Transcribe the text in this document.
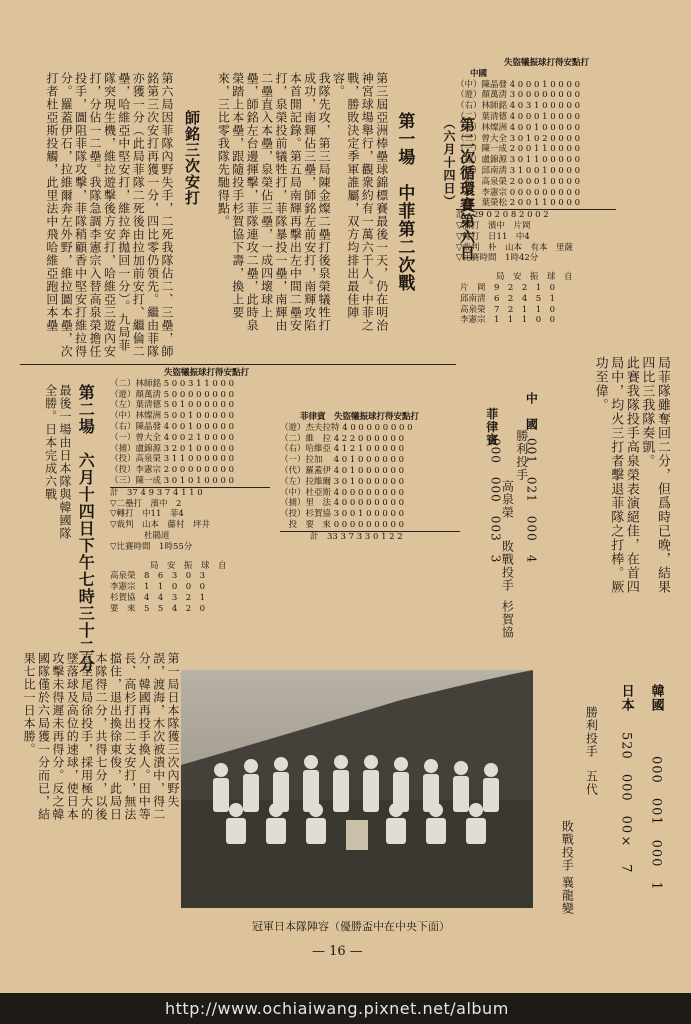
失盜犧振球打得安點打
中國
（中）陳晶發 4 0 0 0 1 0 0 0 0
（遊）顏萬淸 3 0 0 0 0 0 0 0 0
（右）林師銘 4 0 3 1 0 0 0 0 0
（二）葉清德 4 0 0 0 1 0 0 0 0
（左）林燦洲 4 0 0 1 0 0 0 0 0
（三）曾大全 3 0 1 0 2 0 0 0 0
（一）陳一成 2 0 0 1 1 0 0 0 0
（捕）盧錦源 3 0 1 1 0 0 0 0 0
（投）邱南淸 3 1 0 0 1 0 0 0 0
　投　高泉榮 2 0 0 0 1 0 0 0 0
　投　李憲宗 0 0 0 0 0 0 0 0 0
　投　葉榮松 2 0 0 1 1 0 0 0 0
計　29 0 2 0 8 2 0 0 2
▽滿打　濱中　片岡
▽轉打　日11　中4
▽裁判　朴　山本　有本　里薩
▽比賽時間　1時42分
局　安　振　球　自
片　岡　9　2　2　1　0
邱南淸　6　2　4　5　1
高泉榮　7　2　1　1　0
李憲宗　1　1　1　0　0

第二次循環賽第六日
（六月十四日）

第一場　中菲第二次戰
第三屆亞洲棒壘球錦標賽最後一天，仍在明治神宮球場舉行，觀衆約有一萬六千人。中菲之戰，勝敗決定季軍誰屬，双方均排出最佳陣容。
我隊先攻，第三局陳金燦二壘打後泉榮犠牲打成功，南輝佔三壘，師銘左前安打，南輝攻陷本首開記錄。第五局南輝再擊出左中間二壘安打，泉榮投前犠牲打，菲隊暴投一壘，南輝由二壘直入本壘，泉榮佔三壘，一成四壞球上壘，師銘左台邊揮擊，菲隊連攻二壘，此時泉榮踏上本壘，跟隨投手杉賀協下壽，換上要來，三比零我隊先馳得點。
師銘三次安打
第六局因菲隊內野失手，二死我隊佔二、三壘，師銘第三次安打再獲一分，四比零仍領先。繼由菲隊亦獲一分（此局菲隊二死後由拉加前安打、繼倫二壘，哈維亞中堅安打，維拉奔拋回一分）。九局菲隊突現生機，維拉遊擊後方安打，哈維亞三遊內安打，分佔一二壘。我隊急調李憲宗入替高泉榮擔任投手，圖阻菲隊攻擊，菲隊稍顧香中堅安打維拉得分。羅蓋伊石，拉維爾奔左外野，維拉圖本壘，次打者杜亞斯投觸，此里法中飛哈維亞跑回本壘
局菲隊雖奪回二分，但爲時已晚，結果四比三我隊奏凱。
此賽我隊投手高泉榮表演絕佳，在首四局中，均火三打者擊退菲隊之打棒。厥功至偉。

菲律賓

000　000　003　3
中　國
001　021　000　4

勝利投手

高泉榮
敗戰投手
杉賀協
菲律賓　失盜犧振球打得安點打
（遊）杰夫拉特 4 0 0 0 0 0 0 0 0
（二）維　拉 4 2 2 0 0 0 0 0 0
（右）哈維亞 4 1 2 1 0 0 0 0 0
（一）拉加　 4 0 1 0 0 0 0 0 0
（代）羅蓋伊 4 0 1 0 0 0 0 0 0
（左）拉維爾 3 0 1 0 0 0 0 0 0
（中）杜亞斯 4 0 0 0 0 0 0 0 0
（捕）里　法 4 0 0 0 0 0 0 0 0
（投）杉賀協 3 0 0 1 0 0 0 0 0
　投　要　來 0 0 0 0 0 0 0 0 0
計　33 3 7 3 3 0 1 2 2
失盜犧振球打得安點打
（二）林師銘 5 0 0 3 1 1 0 0 0
（遊）顏萬淸 5 0 0 0 0 0 0 0 0
（左）葉淸德 5 0 1 0 0 0 0 0 0
（中）林燦洲 5 0 0 1 0 0 0 0 0
（右）陳晶發 4 0 0 1 0 0 0 0 0
（一）曾大全 4 0 0 2 1 0 0 0 0
（捕）盧錦源 3 2 0 1 0 0 0 0 0
（投）高泉榮 3 1 1 0 0 0 0 0 0
（投）李憲宗 2 0 0 0 0 0 0 0 0
（三）陳一成 3 0 1 0 1 0 0 0 0
計　37 4 9 3 7 4 1 1 0
▽二壘打　濱中　2
▽轉打　中11　菲4
▽裁判　山本　藤村　坪井
　　　　杜鵑道
▽比賽時間　1時55分
局　安　振　球　自
高泉榮　8　6　3　0　3
李憲宗　1　1　0　0　0
杉賀協　4　4　3　2　1
要　來　5　5　4　2　0
第二場　六月十四日下午七時三十二分
最後一場由日本隊與韓國隊全勝。日本完成六戰
第一局日本隊獲三次內野失誤，渡海，木次被潰中，得二分，韓國再投手換人。田中等長、高杉打出二支安打，無法擋住，退出換徐東俊，此局日本隊得二分，共得七分，以後直至尾局徐投手，採用極大的墜落球及高位的速球，使日本攻擊未得遲未再得分。反之韓國隊僅於六局獲一分而已，結果七比一日本勝。	韓國
000　001　000　1
日本
520　000　00×　7
勝利投手
五代
敗戰投手
襄龍變
冠軍日本隊陣容（優勝盃中在中央下面）
— 16 —
http://www.ochiaiwang.pixnet.net/album
